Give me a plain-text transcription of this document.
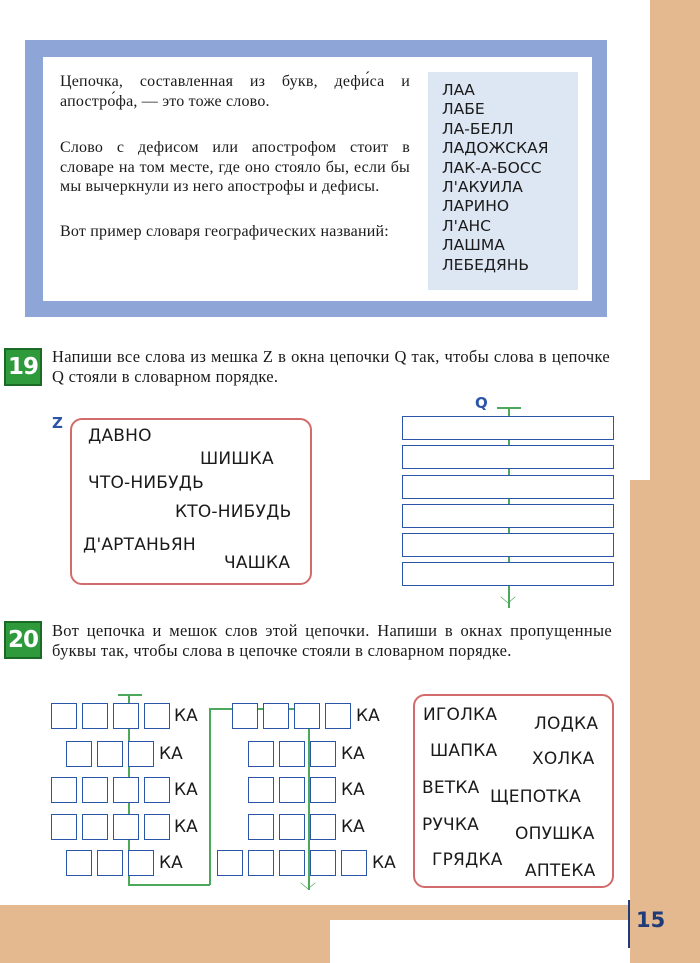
15

Цепочка, составленная из букв, дефи́са и апостро́фа, — это тоже слово.

Слово с дефисом или апострофом стоит в словаре на том месте, где оно стояло бы, если бы мы вычеркнули из него апострофы и дефисы.

Вот пример словаря географических названий:

ЛАА
ЛАБЕ
ЛА-БЕЛЛ
ЛАДОЖСКАЯ
ЛАК-А-БОСС
Л'АКУИЛА
ЛАРИНО
Л'АНС
ЛАШМА
ЛЕБЕДЯНЬ
19 Напиши все слова из мешка Z в окна цепочки Q так, чтобы слова в цепочке Q стояли в словарном порядке.

Z
ДАВНО
ШИШКА
ЧТО-НИБУДЬ
КТО-НИБУДЬ
Д'АРТАНЬЯН
ЧАШКА
Q
﹀
20 Вот цепочка и мешок слов этой цепочки. Напиши в окнах пропущенные буквы так, чтобы слова в цепочке стояли в словарном порядке.

﹀
КА
КА
КА
КА
КА
КА
КА
КА
КА
КА
ИГОЛКА ЛОДКА
ШАПКА ХОЛКА
ВЕТКА ЩЕПОТКА
РУЧКА ОПУШКА
ГРЯДКА
АПТЕКА
